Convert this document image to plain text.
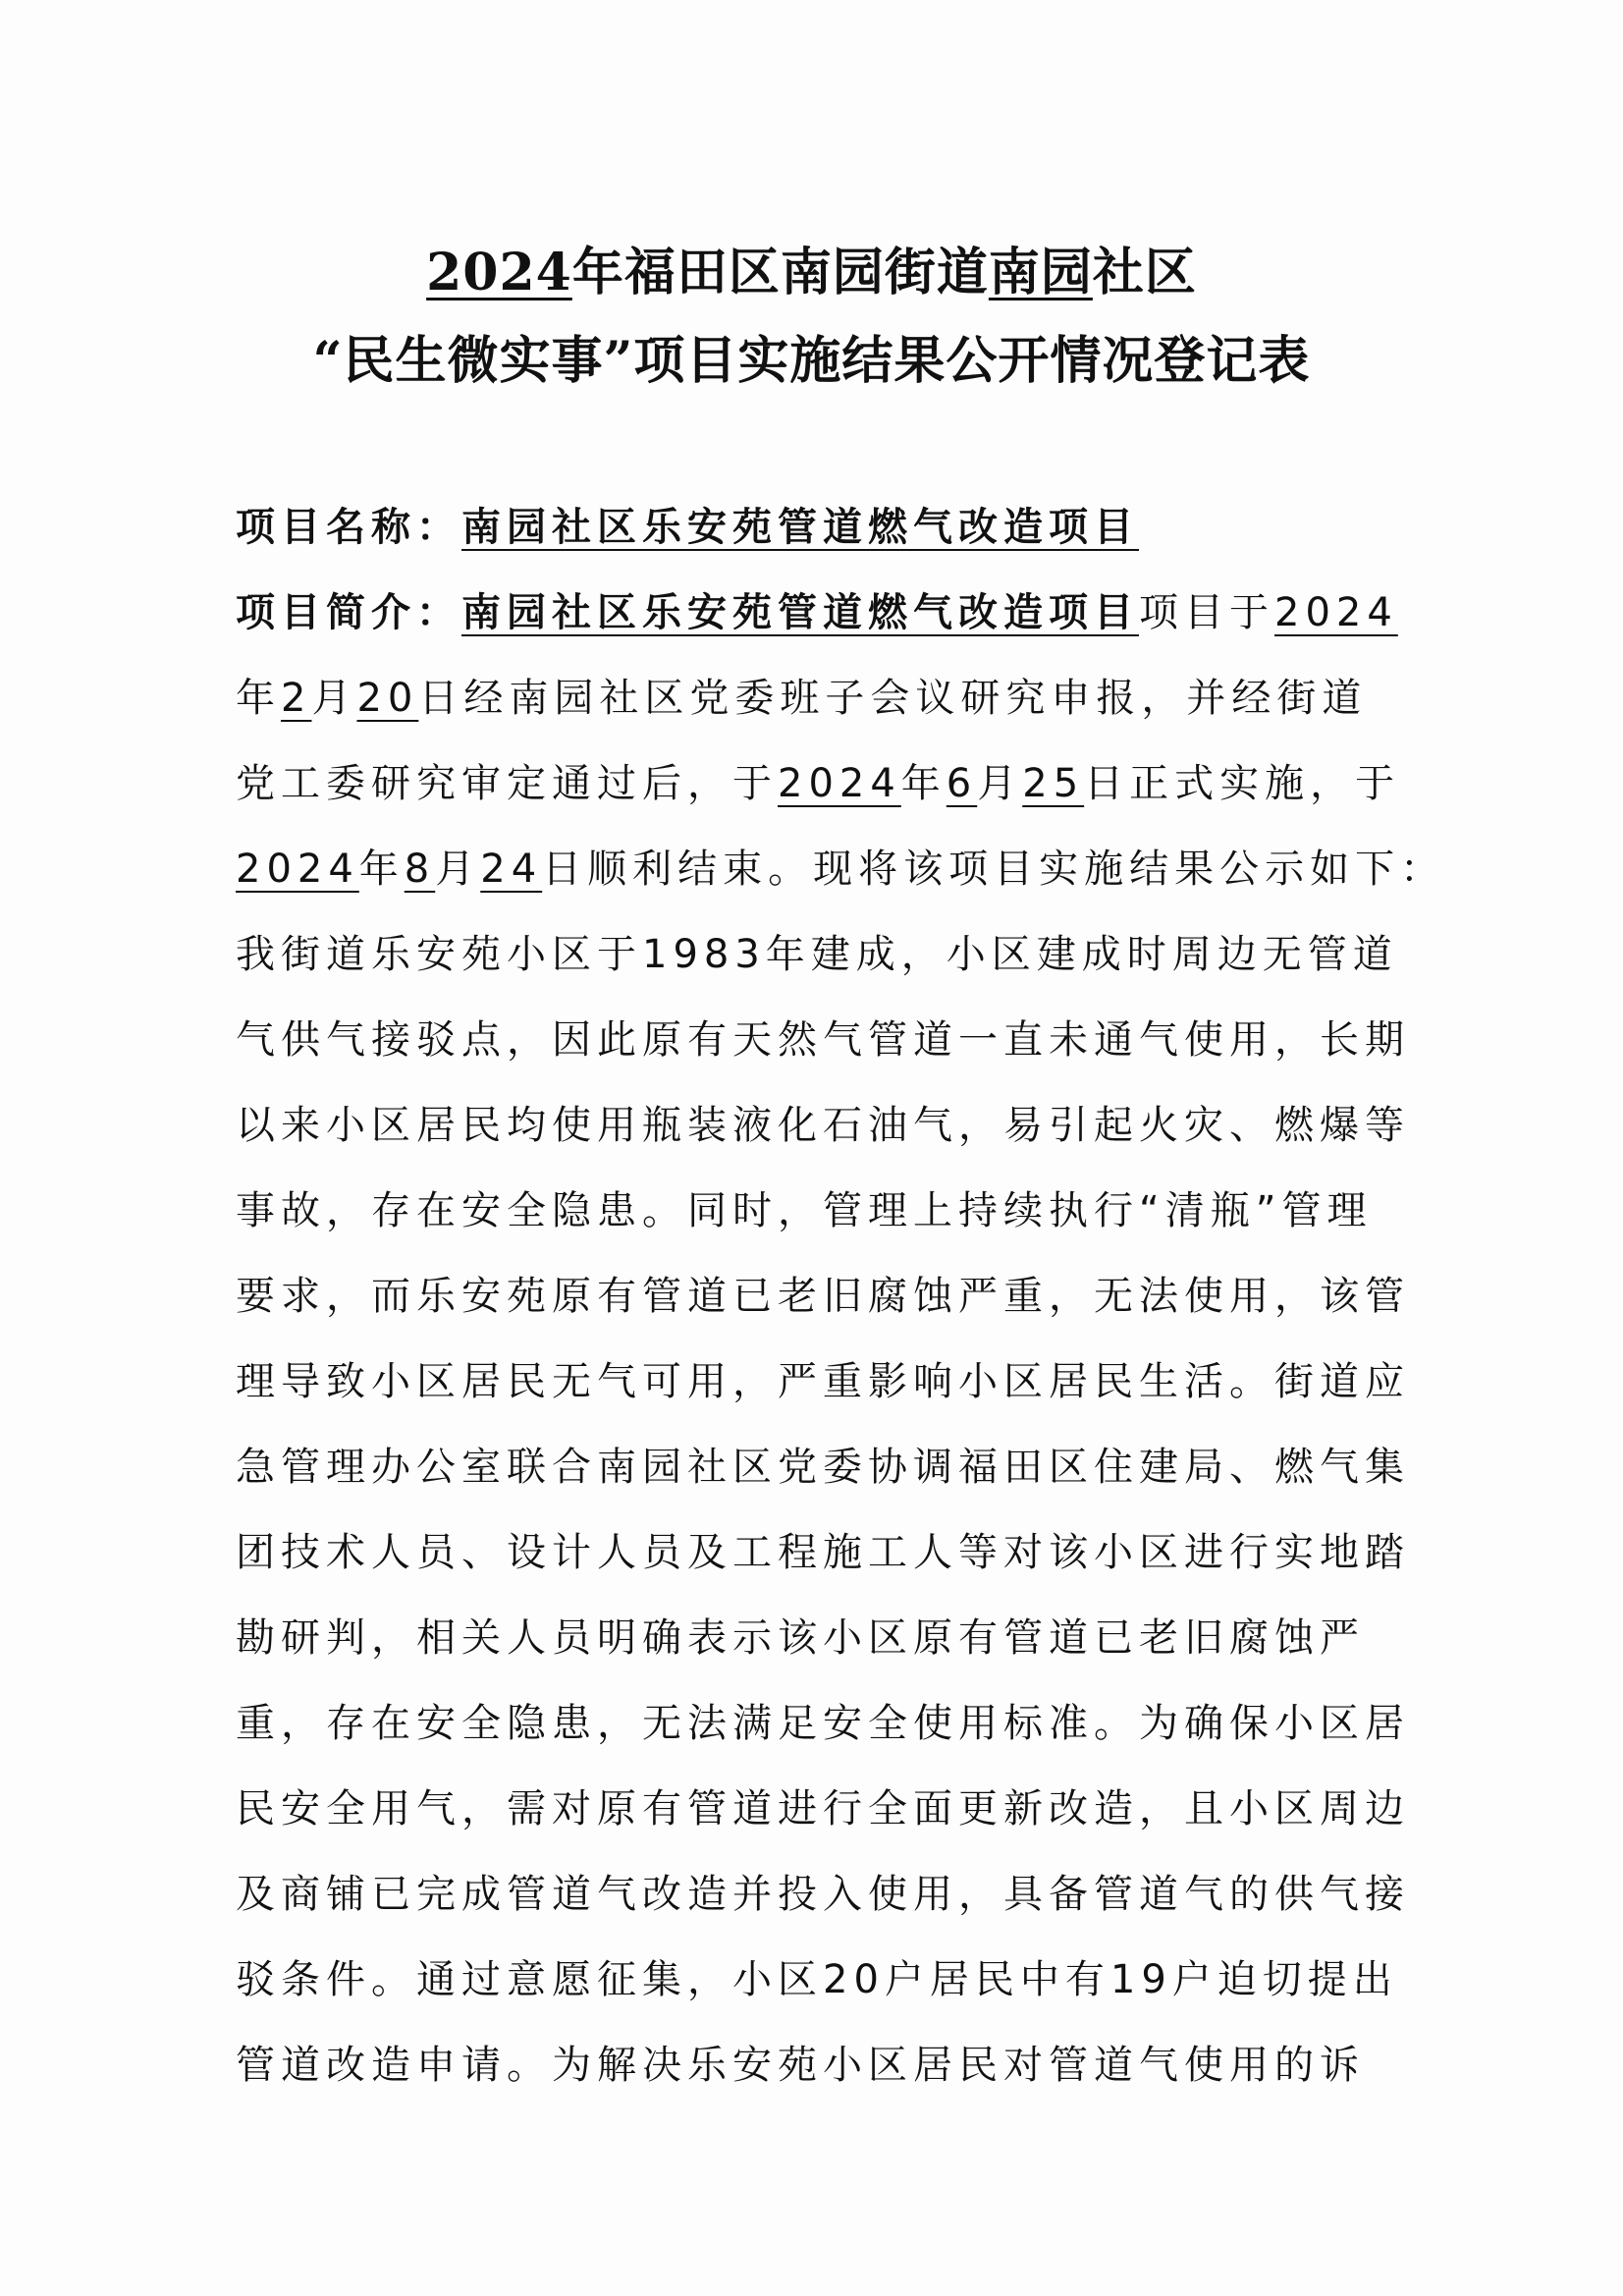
2024年福田区南园街道南园社区
“民生微实事”项目实施结果公开情况登记表
项目名称：南园社区乐安苑管道燃气改造项目
项目简介：南园社区乐安苑管道燃气改造项目项目于2024
年2月20日经南园社区党委班子会议研究申报，并经街道
党工委研究审定通过后，于2024年6月25日正式实施，于
2024年8月24日顺利结束。现将该项目实施结果公示如下：
我街道乐安苑小区于1983年建成，小区建成时周边无管道
气供气接驳点，因此原有天然气管道一直未通气使用，长期
以来小区居民均使用瓶装液化石油气，易引起火灾、燃爆等
事故，存在安全隐患。同时，管理上持续执行“清瓶”管理
要求，而乐安苑原有管道已老旧腐蚀严重，无法使用，该管
理导致小区居民无气可用，严重影响小区居民生活。街道应
急管理办公室联合南园社区党委协调福田区住建局、燃气集
团技术人员、设计人员及工程施工人等对该小区进行实地踏
勘研判，相关人员明确表示该小区原有管道已老旧腐蚀严
重，存在安全隐患，无法满足安全使用标准。为确保小区居
民安全用气，需对原有管道进行全面更新改造，且小区周边
及商铺已完成管道气改造并投入使用，具备管道气的供气接
驳条件。通过意愿征集，小区20户居民中有19户迫切提出
管道改造申请。为解决乐安苑小区居民对管道气使用的诉
